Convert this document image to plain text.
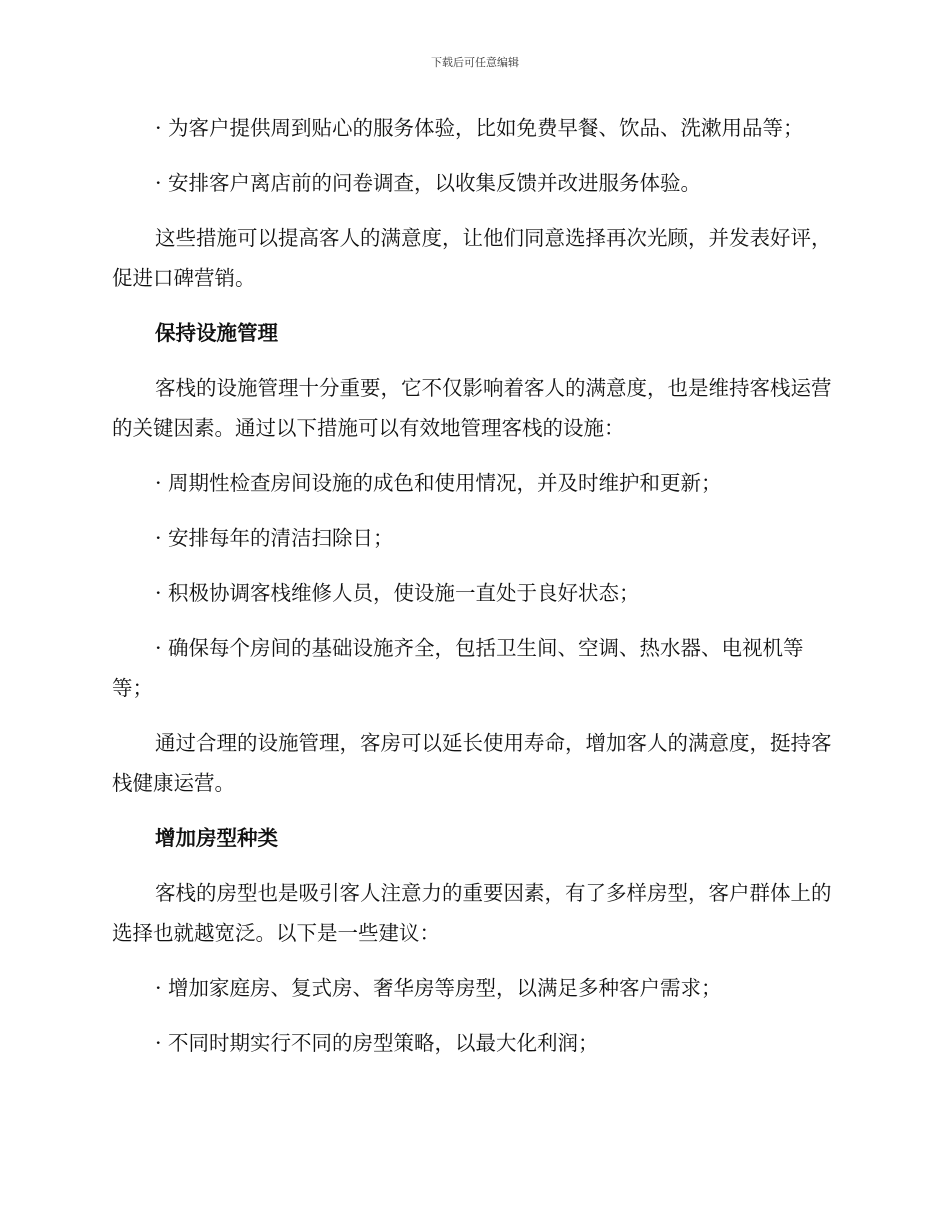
下载后可任意编辑

· 为客户提供周到贴心的服务体验，比如免费早餐、饮品、洗漱用品等；

· 安排客户离店前的问卷调查，以收集反馈并改进服务体验。

这些措施可以提高客人的满意度，让他们同意选择再次光顾，并发表好评，促进口碑营销。

保持设施管理

客栈的设施管理十分重要，它不仅影响着客人的满意度，也是维持客栈运营的关键因素。通过以下措施可以有效地管理客栈的设施：

· 周期性检查房间设施的成色和使用情况，并及时维护和更新；

· 安排每年的清洁扫除日；

· 积极协调客栈维修人员，使设施一直处于良好状态；

· 确保每个房间的基础设施齐全，包括卫生间、空调、热水器、电视机等等；

通过合理的设施管理，客房可以延长使用寿命，增加客人的满意度，挺持客栈健康运营。

增加房型种类

客栈的房型也是吸引客人注意力的重要因素，有了多样房型，客户群体上的选择也就越宽泛。以下是一些建议：

· 增加家庭房、复式房、奢华房等房型，以满足多种客户需求；

· 不同时期实行不同的房型策略，以最大化利润；
